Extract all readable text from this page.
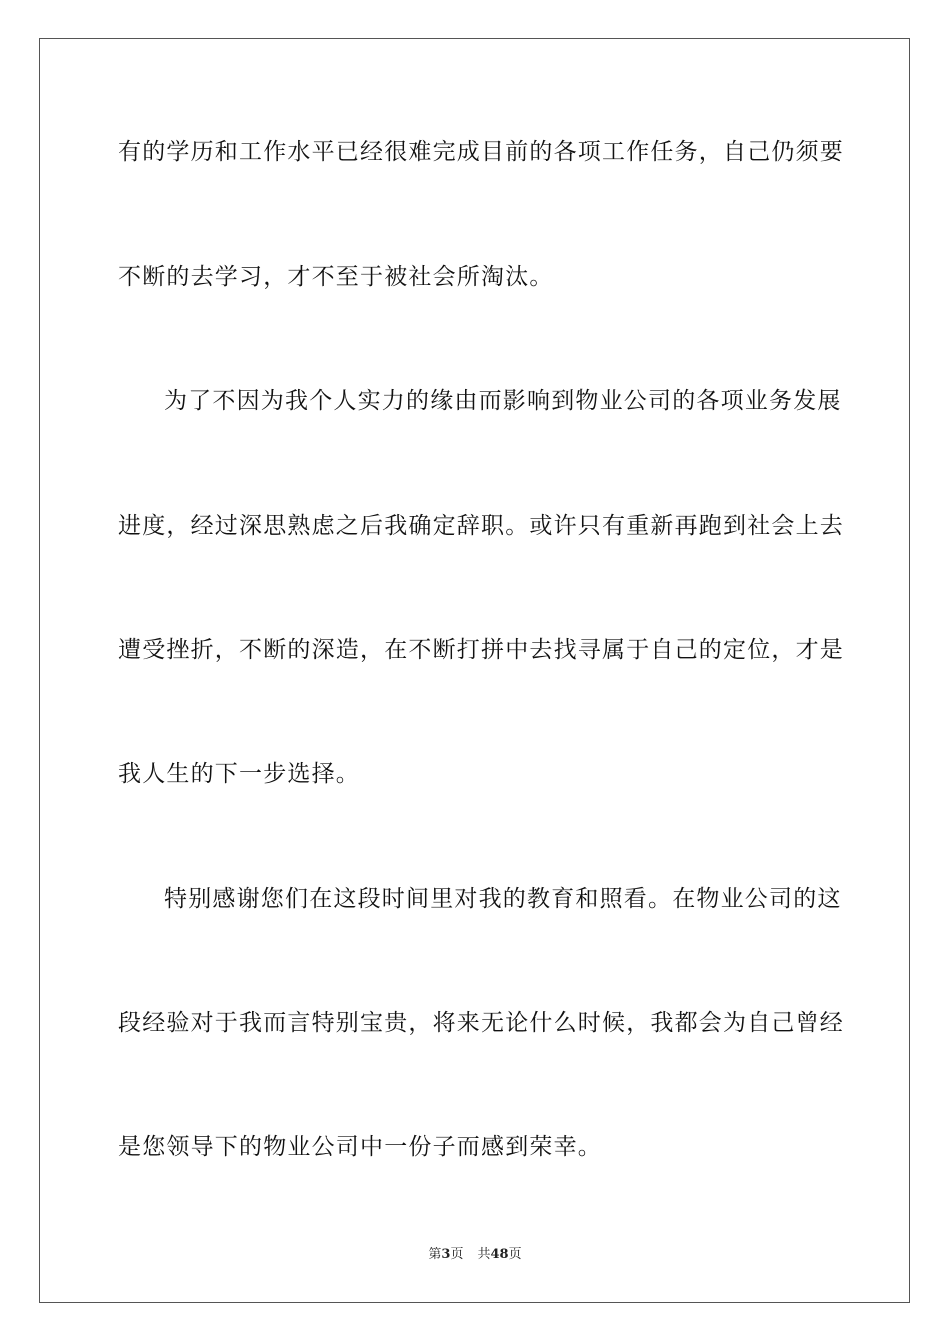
有的学历和工作水平已经很难完成目前的各项工作任务，自己仍须要
不断的去学习，才不至于被社会所淘汰。
为了不因为我个人实力的缘由而影响到物业公司的各项业务发展
进度，经过深思熟虑之后我确定辞职。或许只有重新再跑到社会上去
遭受挫折，不断的深造，在不断打拼中去找寻属于自己的定位，才是
我人生的下一步选择。
特别感谢您们在这段时间里对我的教育和照看。在物业公司的这
段经验对于我而言特别宝贵，将来无论什么时候，我都会为自己曾经
是您领导下的物业公司中一份子而感到荣幸。
第3页 共48页
